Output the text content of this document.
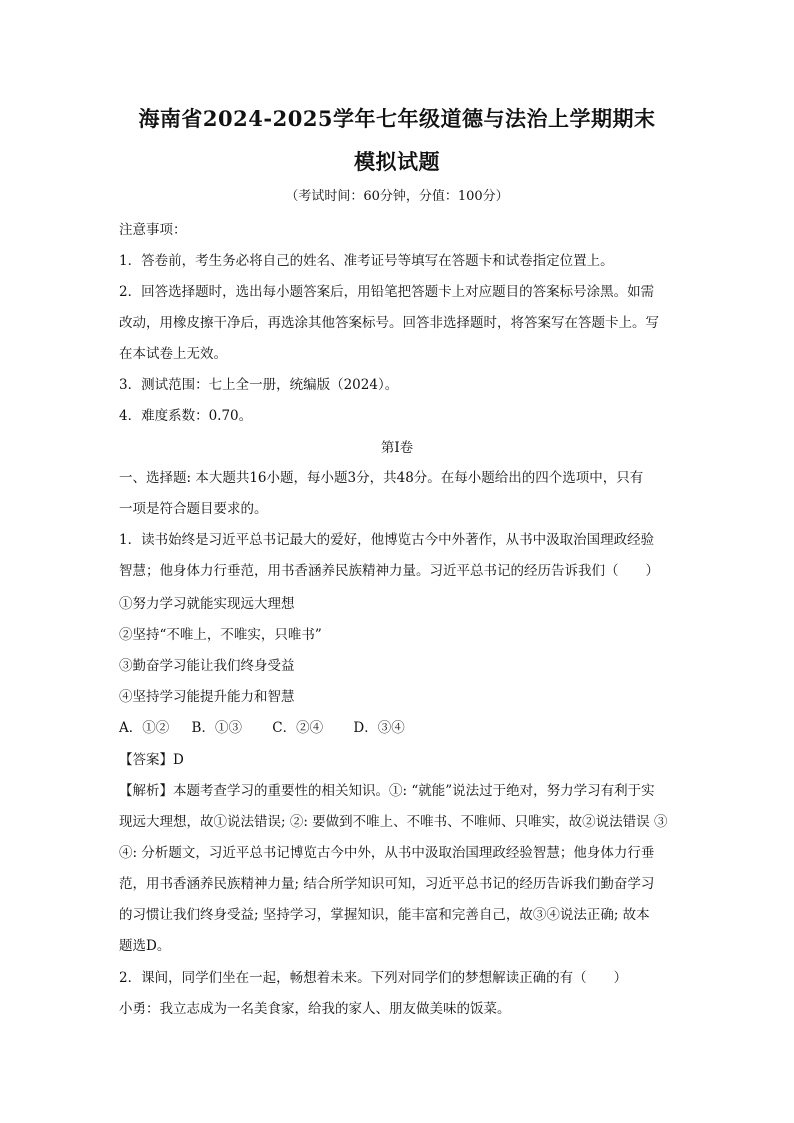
海南省2024-2025学年七年级道德与法治上学期期末
模拟试题
（考试时间：60分钟，分值：100分）
注意事项：
1．答卷前，考生务必将自己的姓名、准考证号等填写在答题卡和试卷指定位置上。
2．回答选择题时，选出每小题答案后，用铅笔把答题卡上对应题目的答案标号涂黑。如需
改动，用橡皮擦干净后，再选涂其他答案标号。回答非选择题时，将答案写在答题卡上。写
在本试卷上无效。
3．测试范围：七上全一册，统编版（2024）。
4．难度系数：0.70。
第Ⅰ卷
一、选择题: 本大题共16小题，每小题3分，共48分。在每小题给出的四个选项中，只有
一项是符合题目要求的。
1．读书始终是习近平总书记最大的爱好，他博览古今中外著作，从书中汲取治国理政经验
智慧；他身体力行垂范，用书香涵养民族精神力量。习近平总书记的经历告诉我们（　　）
①努力学习就能实现远大理想
②坚持“不唯上，不唯实，只唯书”
③勤奋学习能让我们终身受益
④坚持学习能提升能力和智慧
A．①② B．①③ C．②④ D．③④
【答案】D
【解析】本题考查学习的重要性的相关知识。①: “就能”说法过于绝对，努力学习有利于实
现远大理想，故①说法错误; ②: 要做到不唯上、不唯书、不唯师、只唯实，故②说法错误 ③
④: 分析题文，习近平总书记博览古今中外，从书中汲取治国理政经验智慧；他身体力行垂
范，用书香涵养民族精神力量; 结合所学知识可知，习近平总书记的经历告诉我们勤奋学习
的习惯让我们终身受益; 坚持学习，掌握知识，能丰富和完善自己，故③④说法正确; 故本
题选D。
2．课间，同学们坐在一起，畅想着未来。下列对同学们的梦想解读正确的有（　　）
小勇：我立志成为一名美食家，给我的家人、朋友做美味的饭菜。
